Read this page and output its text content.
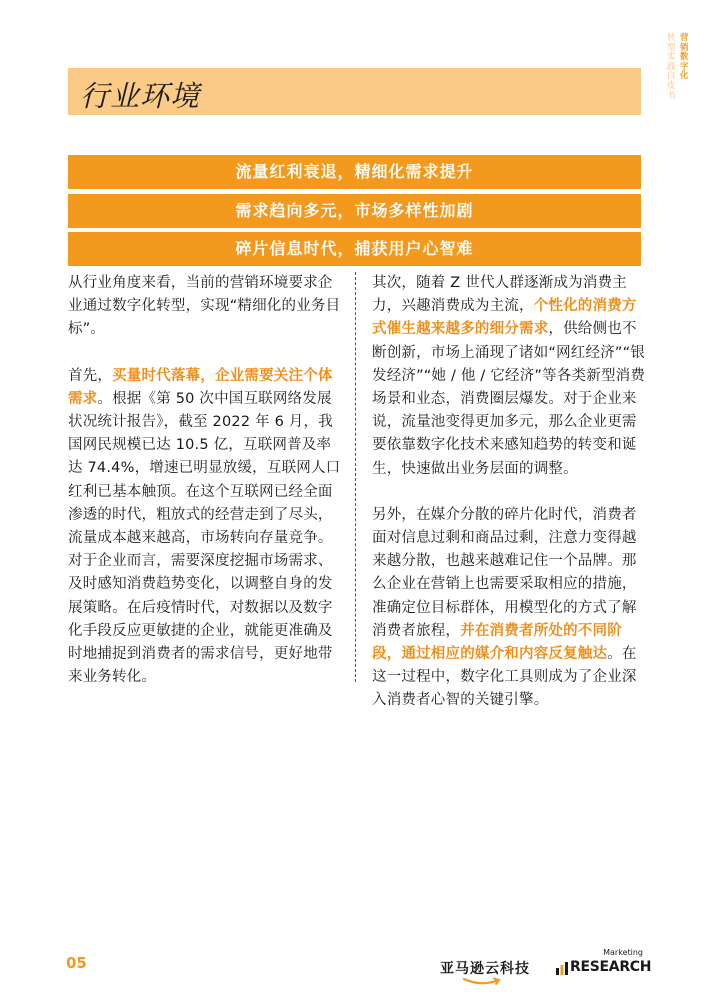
转
型
实
践
白
皮
书
营
销
数
字
化
行业环境
流量红利衰退，精细化需求提升
需求趋向多元，市场多样性加剧
碎片信息时代，捕获用户心智难

从行业角度来看，当前的营销环境要求企业通过数字化转型，实现“精细化的业务目标”。

首先，买量时代落幕，企业需要关注个体需求。根据《第 50 次中国互联网络发展状况统计报告》，截至 2022 年 6 月，我国网民规模已达 10.5 亿，互联网普及率达 74.4%，增速已明显放缓，互联网人口红利已基本触顶。在这个互联网已经全面渗透的时代，粗放式的经营走到了尽头，流量成本越来越高，市场转向存量竞争。对于企业而言，需要深度挖掘市场需求、及时感知消费趋势变化，以调整自身的发展策略。在后疫情时代，对数据以及数字化手段反应更敏捷的企业，就能更准确及时地捕捉到消费者的需求信号，更好地带来业务转化。

其次，随着 Z 世代人群逐渐成为消费主力，兴趣消费成为主流，个性化的消费方式催生越来越多的细分需求，供给侧也不断创新，市场上涌现了诸如“网红经济”“银发经济”“她 / 他 / 它经济”等各类新型消费场景和业态，消费圈层爆发。对于企业来说，流量池变得更加多元，那么企业更需要依靠数字化技术来感知趋势的转变和诞生，快速做出业务层面的调整。

另外，在媒介分散的碎片化时代，消费者面对信息过剩和商品过剩，注意力变得越来越分散，也越来越难记住一个品牌。那么企业在营销上也需要采取相应的措施，准确定位目标群体，用模型化的方式了解消费者旅程，并在消费者所处的不同阶段，通过相应的媒介和内容反复触达。在这一过程中，数字化工具则成为了企业深入消费者心智的关键引擎。

05	亚马逊云科技
Marketing
RESEARCH
